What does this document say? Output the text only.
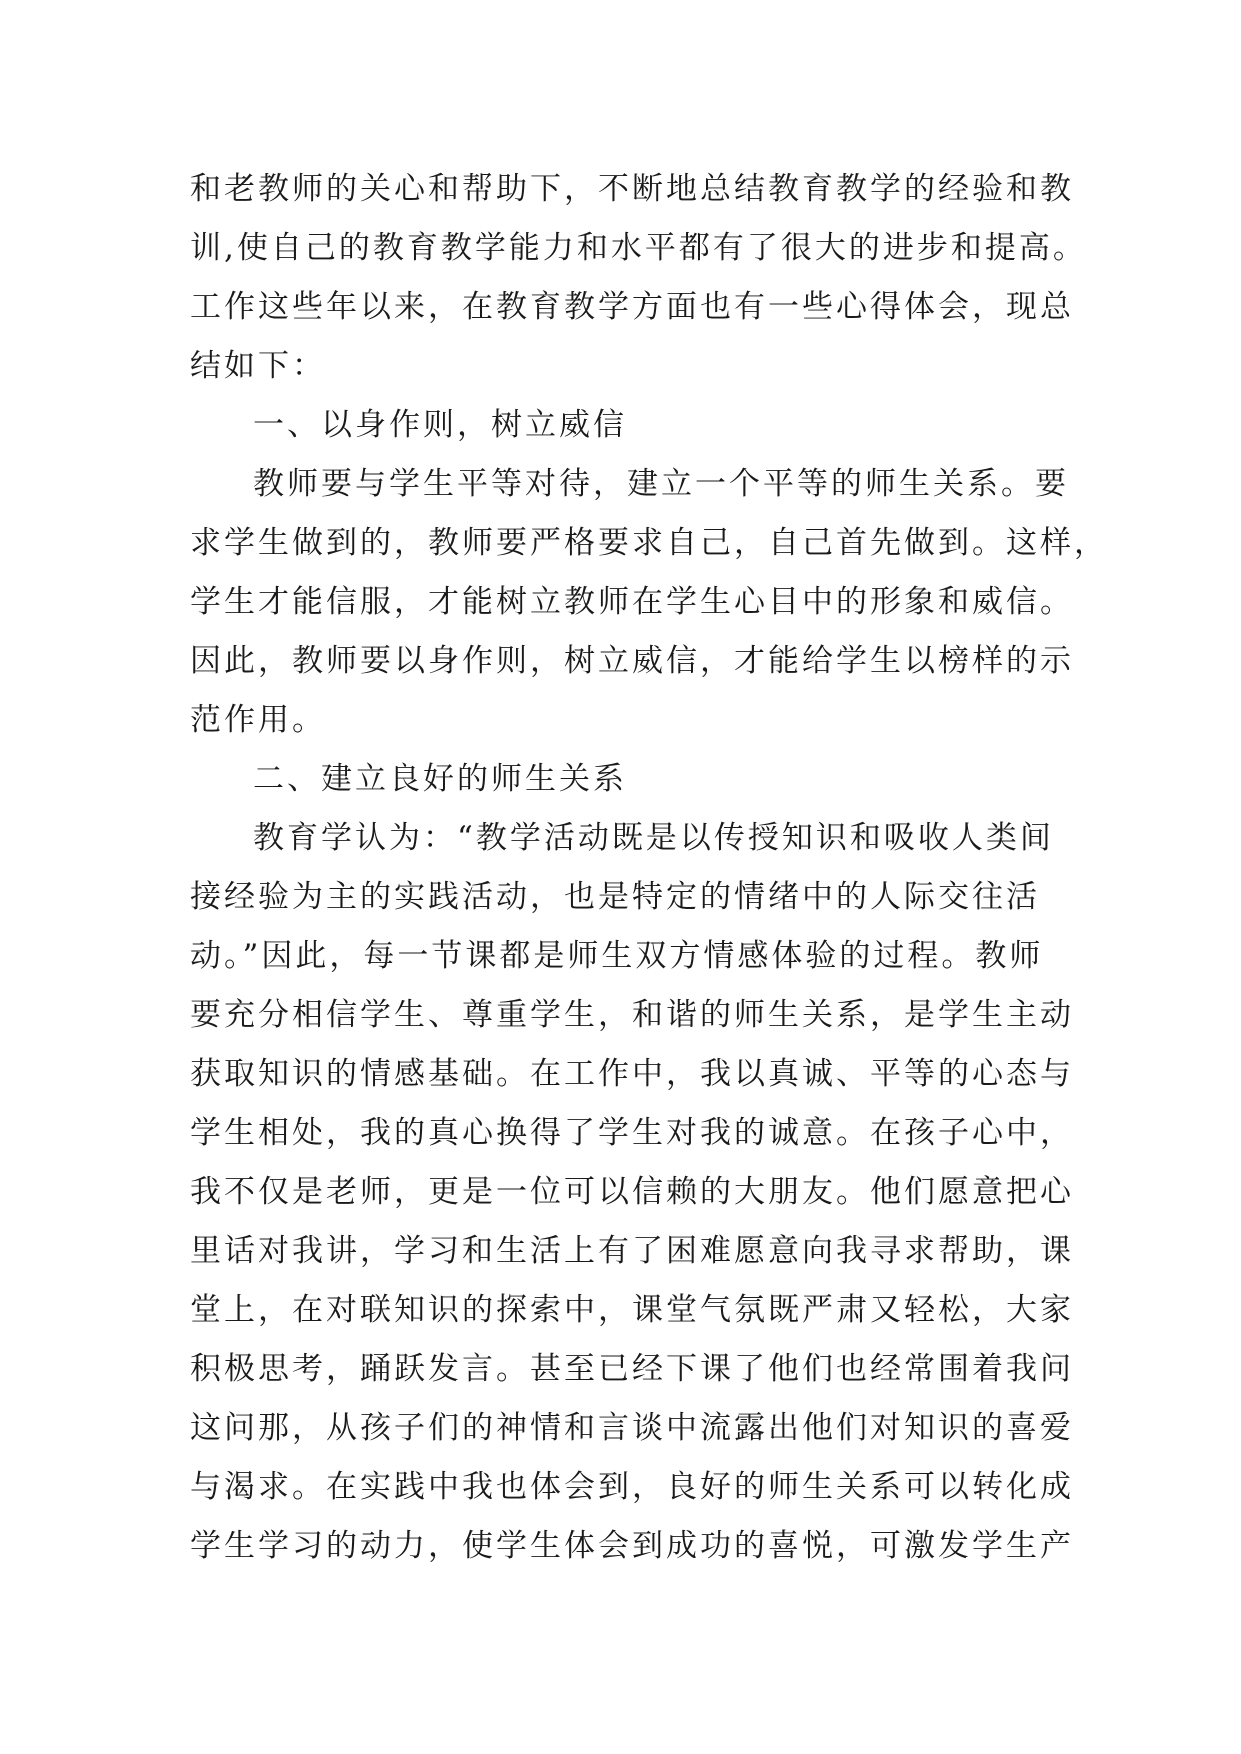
和老教师的关心和帮助下，不断地总结教育教学的经验和教
训,使自己的教育教学能力和水平都有了很大的进步和提高。
工作这些年以来，在教育教学方面也有一些心得体会，现总
结如下：
一、以身作则，树立威信
教师要与学生平等对待，建立一个平等的师生关系。要
求学生做到的，教师要严格要求自己，自己首先做到。这样，
学生才能信服，才能树立教师在学生心目中的形象和威信。
因此，教师要以身作则，树立威信，才能给学生以榜样的示
范作用。
二、建立良好的师生关系
教育学认为：“教学活动既是以传授知识和吸收人类间
接经验为主的实践活动，也是特定的情绪中的人际交往活
动。”因此，每一节课都是师生双方情感体验的过程。教师
要充分相信学生、尊重学生，和谐的师生关系，是学生主动
获取知识的情感基础。在工作中，我以真诚、平等的心态与
学生相处，我的真心换得了学生对我的诚意。在孩子心中，
我不仅是老师，更是一位可以信赖的大朋友。他们愿意把心
里话对我讲，学习和生活上有了困难愿意向我寻求帮助，课
堂上，在对联知识的探索中，课堂气氛既严肃又轻松，大家
积极思考，踊跃发言。甚至已经下课了他们也经常围着我问
这问那，从孩子们的神情和言谈中流露出他们对知识的喜爱
与渴求。在实践中我也体会到，良好的师生关系可以转化成
学生学习的动力，使学生体会到成功的喜悦，可激发学生产
